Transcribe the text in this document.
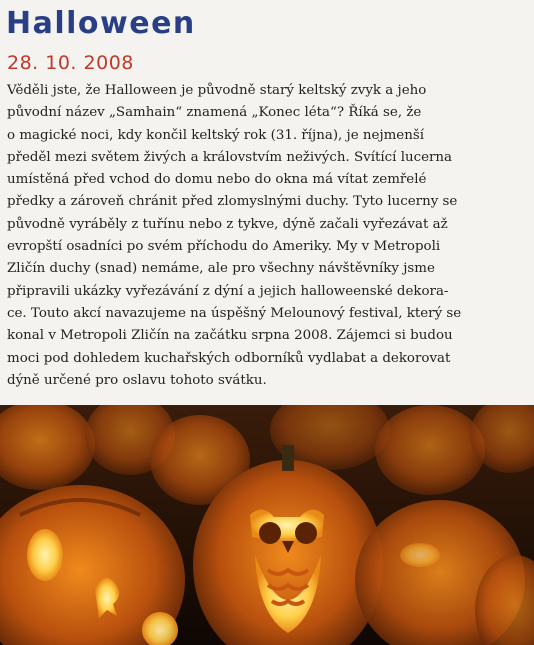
Halloween
28. 10. 2008
Věděli jste, že Halloween je původně starý keltský zvyk a jeho
původní název „Samhain“ znamená „Konec léta“? Říká se, že
o magické noci, kdy končil keltský rok (31. října), je nejmenší
předěl mezi světem živých a královstvím neživých. Svítící lucerna
umístěná před vchod do domu nebo do okna má vítat zemřelé
předky a zároveň chránit před zlomyslnými duchy. Tyto lucerny se
původně vyráběly z tuřínu nebo z tykve, dýně začali vyřezávat až
evropští osadníci po svém příchodu do Ameriky. My v Metropoli
Zličín duchy (snad) nemáme, ale pro všechny návštěvníky jsme
připravili ukázky vyřezávání z dýní a jejich halloweenské dekora-
ce. Touto akcí navazujeme na úspěšný Meloun​ový festival, který se
konal v Metropoli Zličín na začátku srpna 2008. Zájemci si budou
moci pod dohledem kuchařských odborníků vydlabat a dekorovat
dýně určené pro oslavu tohoto svátku.
